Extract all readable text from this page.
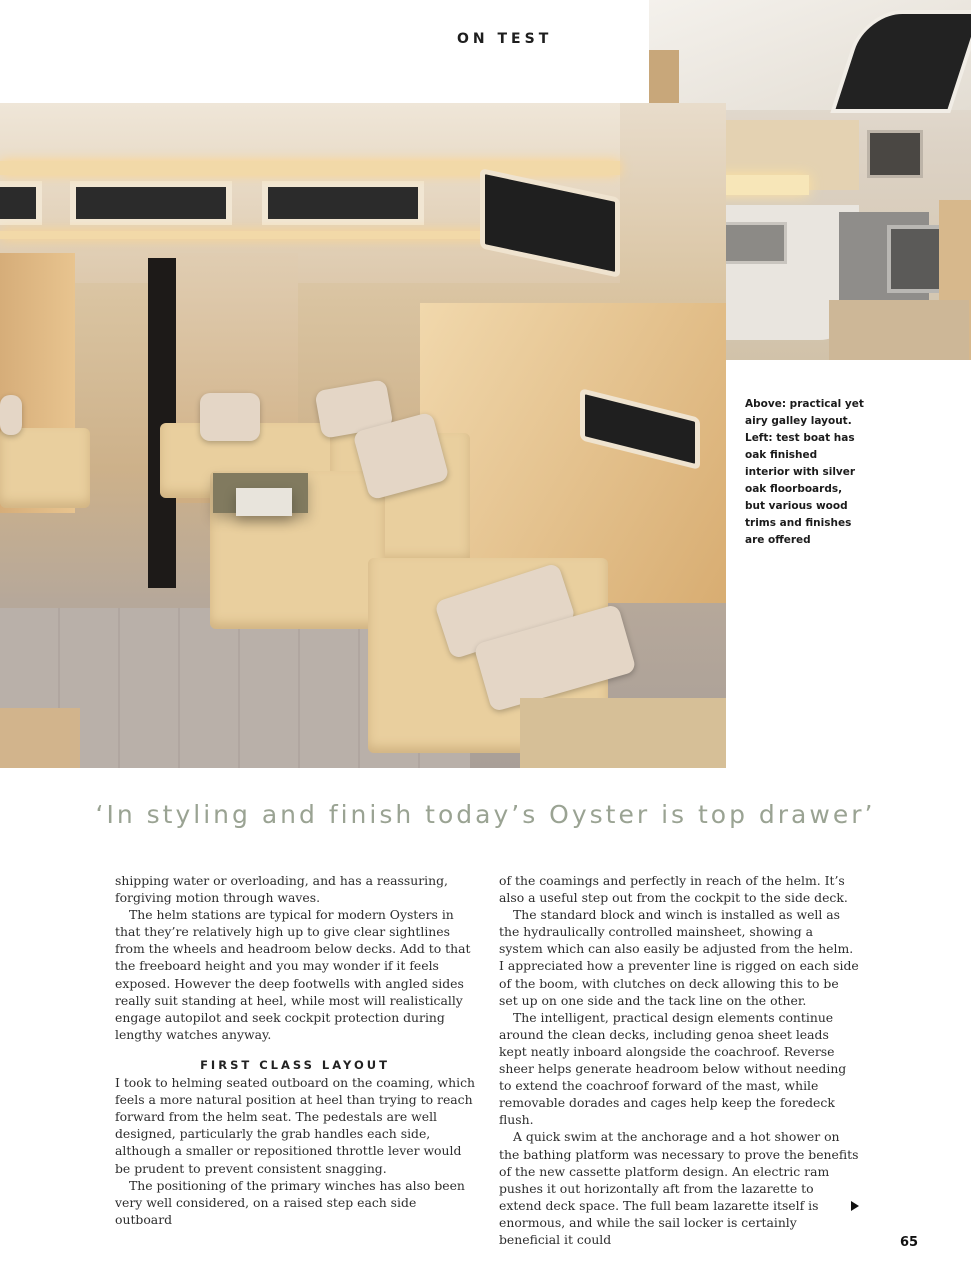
ON TEST
Above: practical yet airy galley layout. Left: test boat has oak finished interior with silver oak floorboards, but various wood trims and finishes are offered
‘In styling and finish today’s Oyster is top drawer’

shipping water or overloading, and has a reassuring, forgiving motion through waves.

The helm stations are typical for modern Oysters in that they’re relatively high up to give clear sightlines from the wheels and headroom below decks. Add to that the freeboard height and you may wonder if it feels exposed. However the deep footwells with angled sides really suit standing at heel, while most will realistically engage autopilot and seek cockpit protection during lengthy watches anyway.

FIRST CLASS LAYOUT

I took to helming seated outboard on the coaming, which feels a more natural position at heel than trying to reach forward from the helm seat. The pedestals are well designed, particularly the grab handles each side, although a smaller or repositioned throttle lever would be prudent to prevent consistent snagging.

The positioning of the primary winches has also been very well considered, on a raised step each side outboard

of the coamings and perfectly in reach of the helm. It’s also a useful step out from the cockpit to the side deck.

The standard block and winch is installed as well as the hydraulically controlled mainsheet, showing a system which can also easily be adjusted from the helm. I appreciated how a preventer line is rigged on each side of the boom, with clutches on deck allowing this to be set up on one side and the tack line on the other.

The intelligent, practical design elements continue around the clean decks, including genoa sheet leads kept neatly inboard alongside the coachroof. Reverse sheer helps generate headroom below without needing to extend the coachroof forward of the mast, while removable dorades and cages help keep the foredeck flush.

A quick swim at the anchorage and a hot shower on the bathing platform was necessary to prove the benefits of the new cassette platform design. An electric ram pushes it out horizontally aft from the lazarette to extend deck space. The full beam lazarette itself is enormous, and while the sail locker is certainly beneficial it could	65
